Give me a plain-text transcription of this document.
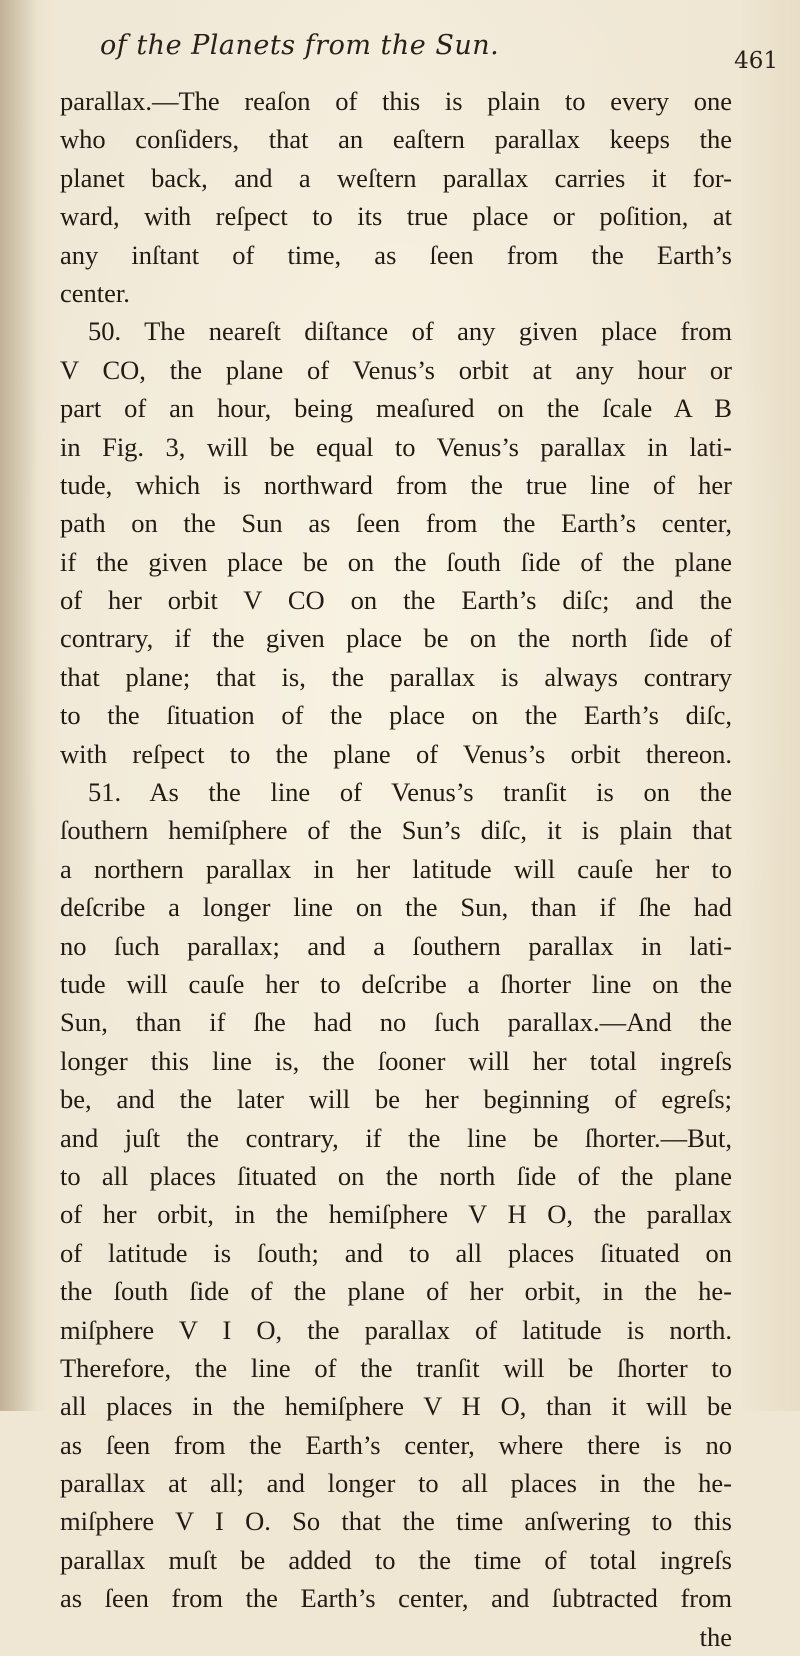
of the Planets from the Sun.	461
parallax.—The reaſon of this is plain to every one
who conſiders, that an eaſtern parallax keeps the
planet back, and a weſtern parallax carries it for-
ward, with reſpect to its true place or poſition, at
any inſtant of time, as ſeen from the Earth’s
center.
50. The neareſt diſtance of any given place from
V CO, the plane of Venus’s orbit at any hour or
part of an hour, being meaſured on the ſcale A B
in Fig. 3, will be equal to Venus’s parallax in lati-
tude, which is northward from the true line of her
path on the Sun as ſeen from the Earth’s center,
if the given place be on the ſouth ſide of the plane
of her orbit V CO on the Earth’s diſc; and the
contrary, if the given place be on the north ſide of
that plane; that is, the parallax is always contrary
to the ſituation of the place on the Earth’s diſc,
with reſpect to the plane of Venus’s orbit thereon.
51. As the line of Venus’s tranſit is on the
ſouthern hemiſphere of the Sun’s diſc, it is plain that
a northern parallax in her latitude will cauſe her to
deſcribe a longer line on the Sun, than if ſhe had
no ſuch parallax; and a ſouthern parallax in lati-
tude will cauſe her to deſcribe a ſhorter line on the
Sun, than if ſhe had no ſuch parallax.—And the
longer this line is, the ſooner will her total ingreſs
be, and the later will be her beginning of egreſs;
and juſt the contrary, if the line be ſhorter.—But,
to all places ſituated on the north ſide of the plane
of her orbit, in the hemiſphere V H O, the parallax
of latitude is ſouth; and to all places ſituated on
the ſouth ſide of the plane of her orbit, in the he-
miſphere V I O, the parallax of latitude is north.
Therefore, the line of the tranſit will be ſhorter to
all places in the hemiſphere V H O, than it will be
as ſeen from the Earth’s center, where there is no
parallax at all; and longer to all places in the he-
miſphere V I O. So that the time anſwering to this
parallax muſt be added to the time of total ingreſs
as ſeen from the Earth’s center, and ſubtracted from
the
